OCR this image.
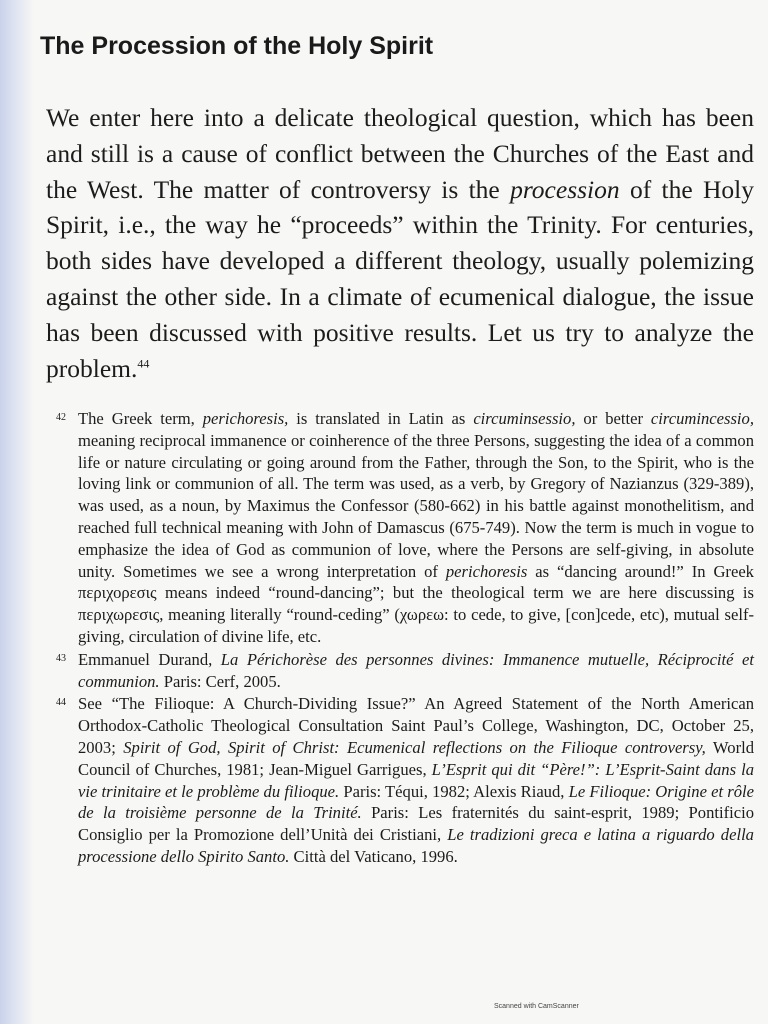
The Procession of the Holy Spirit

We enter here into a delicate theological question, which has been and still is a cause of conflict between the Churches of the East and the West. The matter of controversy is the procession of the Holy Spirit, i.e., the way he “proceeds” within the Trinity. For centuries, both sides have developed a different theology, usually polemizing against the other side. In a climate of ecumenical dialogue, the issue has been discussed with positive results. Let us try to analyze the problem.$^{44}$

42 The Greek term, perichoresis, is translated in Latin as circuminsessio, or better circumincessio, meaning reciprocal immanence or coinherence of the three Persons, suggesting the idea of a common life or nature circulating or going around from the Father, through the Son, to the Spirit, who is the loving link or communion of all. The term was used, as a verb, by Gregory of Nazianzus (329-389), was used, as a noun, by Maximus the Confessor (580-662) in his battle against monothelitism, and reached full technical meaning with John of Damascus (675-749). Now the term is much in vogue to emphasize the idea of God as communion of love, where the Persons are self-giving, in absolute unity. Sometimes we see a wrong interpretation of perichoresis as “dancing around!” In Greek περιχορεσις means indeed “round-dancing”; but the theological term we are here discussing is περιχωρεσις, meaning literally “round-ceding” (χωρεω: to cede, to give, [con]cede, etc), mutual self-giving, circulation of divine life, etc.
43 Emmanuel Durand, La Périchorèse des personnes divines: Immanence mutuelle, Réciprocité et communion. Paris: Cerf, 2005.
44 See “The Filioque: A Church-Dividing Issue?” An Agreed Statement of the North American Orthodox-Catholic Theological Consultation Saint Paul’s College, Washington, DC, October 25, 2003; Spirit of God, Spirit of Christ: Ecumenical reflections on the Filioque controversy, World Council of Churches, 1981; Jean-Miguel Garrigues, L’Esprit qui dit “Père!”: L’Esprit-Saint dans la vie trinitaire et le problème du filioque. Paris: Téqui, 1982; Alexis Riaud, Le Filioque: Origine et rôle de la troisième personne de la Trinité. Paris: Les fraternités du saint-esprit, 1989; Pontificio Consiglio per la Promozione dell’Unità dei Cristiani, Le tradizioni greca e latina a riguardo della processione dello Spirito Santo. Città del Vaticano, 1996.
Scanned with CamScanner
